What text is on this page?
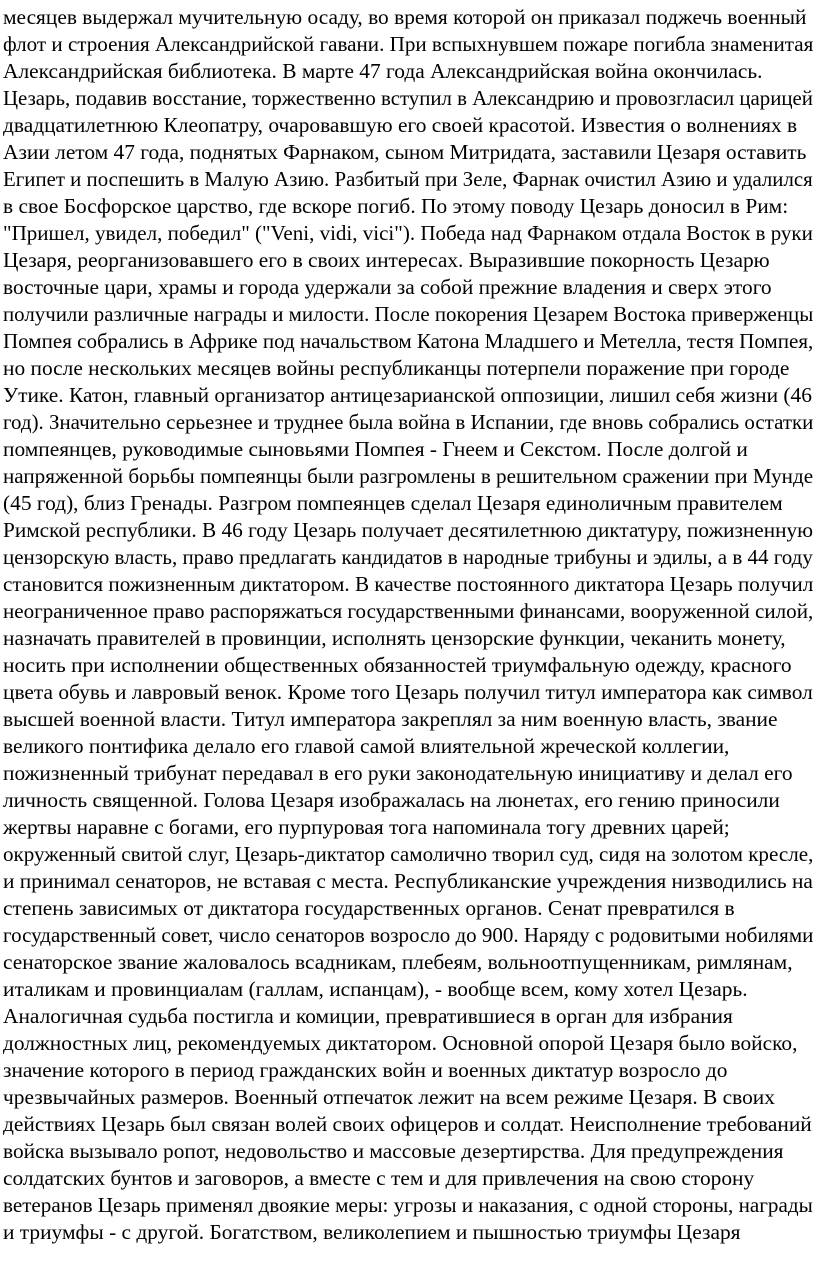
месяцев выдержал мучительную осаду, во время которой он приказал поджечь военный
флот и строения Александрийской гавани. При вспыхнувшем пожаре погибла знаменитая
Александрийская библиотека. В марте 47 года Александрийская война окончилась.
Цезарь, подавив восстание, торжественно вступил в Александрию и провозгласил царицей
двадцатилетнюю Клеопатру, очаровавшую его своей красотой. Известия о волнениях в
Азии летом 47 года, поднятых Фарнаком, сыном Митридата, заставили Цезаря оставить
Египет и поспешить в Малую Азию. Разбитый при Зеле, Фарнак очистил Азию и удалился
в свое Босфорское царство, где вскоре погиб. По этому поводу Цезарь доносил в Рим:
"Пришел, увидел, победил" ("Veni, vidi, vici"). Победа над Фарнаком отдала Восток в руки
Цезаря, реорганизовавшего его в своих интересах. Выразившие покорность Цезарю
восточные цари, храмы и города удержали за собой прежние владения и сверх этого
получили различные награды и милости. После покорения Цезарем Востока приверженцы
Помпея собрались в Африке под начальством Катона Младшего и Метелла, тестя Помпея,
но после нескольких месяцев войны республиканцы потерпели поражение при городе
Утике. Катон, главный организатор антицезарианской оппозиции, лишил себя жизни (46
год). Значительно серьезнее и труднее была война в Испании, где вновь собрались остатки
помпеянцев, руководимые сыновьями Помпея - Гнеем и Секстом. После долгой и
напряженной борьбы помпеянцы были разгромлены в решительном сражении при Мунде
(45 год), близ Гренады. Разгром помпеянцев сделал Цезаря единоличным правителем
Римской республики. В 46 году Цезарь получает десятилетнюю диктатуру, пожизненную
цензорскую власть, право предлагать кандидатов в народные трибуны и эдилы, а в 44 году
становится пожизненным диктатором. В качестве постоянного диктатора Цезарь получил
неограниченное право распоряжаться государственными финансами, вооруженной силой,
назначать правителей в провинции, исполнять цензорские функции, чеканить монету,
носить при исполнении общественных обязанностей триумфальную одежду, красного
цвета обувь и лавровый венок. Кроме того Цезарь получил титул императора как символ
высшей военной власти. Титул императора закреплял за ним военную власть, звание
великого понтифика делало его главой самой влиятельной жреческой коллегии,
пожизненный трибунат передавал в его руки законодательную инициативу и делал его
личность священной. Голова Цезаря изображалась на люнетах, его гению приносили
жертвы наравне с богами, его пурпуровая тога напоминала тогу древних царей;
окруженный свитой слуг, Цезарь-диктатор самолично творил суд, сидя на золотом кресле,
и принимал сенаторов, не вставая с места. Республиканские учреждения низводились на
степень зависимых от диктатора государственных органов. Сенат превратился в
государственный совет, число сенаторов возросло до 900. Наряду с родовитыми нобилями
сенаторское звание жаловалось всадникам, плебеям, вольноотпущенникам, римлянам,
италикам и провинциалам (галлам, испанцам), - вообще всем, кому хотел Цезарь.
Аналогичная судьба постигла и комиции, превратившиеся в орган для избрания
должностных лиц, рекомендуемых диктатором. Основной опорой Цезаря было войско,
значение которого в период гражданских войн и военных диктатур возросло до
чрезвычайных размеров. Военный отпечаток лежит на всем режиме Цезаря. В своих
действиях Цезарь был связан волей своих офицеров и солдат. Неисполнение требований
войска вызывало ропот, недовольство и массовые дезертирства. Для предупреждения
солдатских бунтов и заговоров, а вместе с тем и для привлечения на свою сторону
ветеранов Цезарь применял двоякие меры: угрозы и наказания, с одной стороны, награды
и триумфы - с другой. Богатством, великолепием и пышностью триумфы Цезаря
